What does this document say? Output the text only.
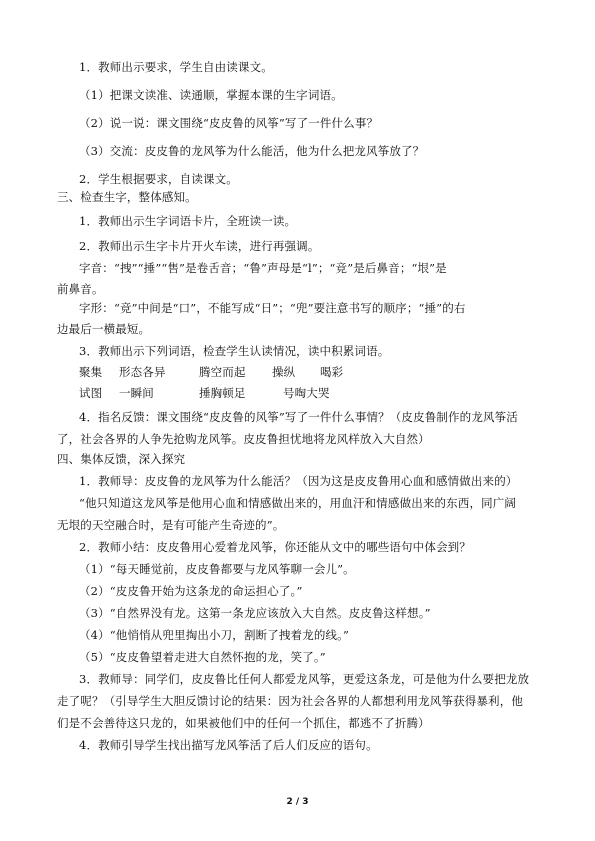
1．教师出示要求，学生自由读课文。
（1）把课文读准、读通顺，掌握本课的生字词语。
（2）说一说：课文围绕“皮皮鲁的风筝”写了一件什么事？
（3）交流：皮皮鲁的龙风筝为什么能活，他为什么把龙风筝放了？
2．学生根据要求，自读课文。
三、检查生字，整体感知。
1．教师出示生字词语卡片，全班读一读。
2．教师出示生字卡片开火车读，进行再强调。
字音：“拽”“捶”“售”是卷舌音；“鲁”声母是“l”；“竞”是后鼻音；“垠”是
前鼻音。
字形：“竞”中间是“口”，不能写成“日”；“兜”要注意书写的顺序；“捶”的右
边最后一横最短。
3．教师出示下列词语，检查学生认读情况，读中积累词语。
聚集 形态各异	腾空而起 操纵 喝彩
试图 一瞬间	捶胸顿足	号啕大哭
4．指名反馈：课文围绕“皮皮鲁的风筝”写了一件什么事情？（皮皮鲁制作的龙风筝活
了，社会各界的人争先抢购龙风筝。皮皮鲁担忧地将龙风样放入大自然）
四、集体反馈，深入探究
1．教师导：皮皮鲁的龙风筝为什么能活？（因为这是皮皮鲁用心血和感情做出来的）
“他只知道这龙风筝是他用心血和情感做出来的，用血汗和情感做出来的东西，同广阔
无垠的天空融合时，是有可能产生奇迹的”。
2．教师小结：皮皮鲁用心爱着龙风筝，你还能从文中的哪些语句中体会到？
（1）“每天睡觉前，皮皮鲁都要与龙风筝聊一会儿”。
（2）“皮皮鲁开始为这条龙的命运担心了。”
（3）“自然界没有龙。这第一条龙应该放入大自然。皮皮鲁这样想。”
（4）“他悄悄从兜里掏出小刀，割断了拽着龙的线。”
（5）“皮皮鲁望着走进大自然怀抱的龙，笑了。”
3．教师导：同学们，皮皮鲁比任何人都爱龙风筝，更爱这条龙，可是他为什么要把龙放
走了呢？（引导学生大胆反馈讨论的结果：因为社会各界的人都想利用龙风筝获得暴利，他
们是不会善待这只龙的，如果被他们中的任何一个抓住，都逃不了折腾）
4．教师引导学生找出描写龙风筝活了后人们反应的语句。
2 / 3
